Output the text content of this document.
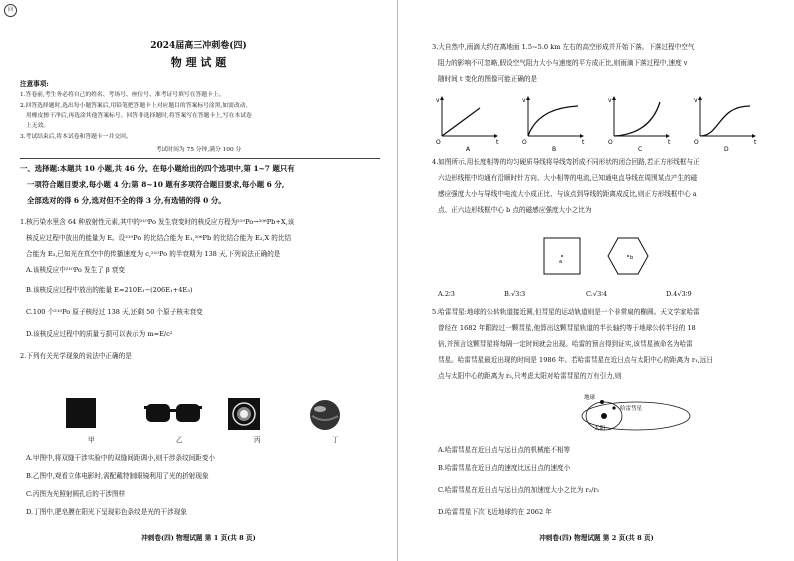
回
2024届高三冲刺卷(四)
物 理 试 题
注意事项:
1.答卷前,考生务必将自己的姓名、考场号、座位号、准考证号填写在答题卡上。
2.回答选择题时,选出每小题答案后,用铅笔把答题卡上对应题目的答案标号涂黑,如需改动,
用橡皮擦干净后,再选涂其他答案标号。回答非选择题时,将答案写在答题卡上,写在本试卷
上无效。
3.考试结束后,将本试卷和答题卡一并交回。
考试时间为 75 分钟,满分 100 分
一、选择题:本题共 10 小题,共 46 分。在每小题给出的四个选项中,第 1~7 题只有
一项符合题目要求,每小题 4 分;第 8~10 题有多项符合题目要求,每小题 6 分,
全部选对的得 6 分,选对但不全的得 3 分,有选错的得 0 分。
1.核污染水里含 64 种放射性元素,其中的²¹⁰Po 发生衰变时的核反应方程为²¹⁰Po→²⁰⁶Pb+X,该
核反应过程中放出的能量为 E。设²¹⁰Po 的比结合能为 E₁,²⁰⁶Pb 的比结合能为 E₂,X 的比结
合能为 E₃,已知光在真空中的传播速度为 c,²¹⁰Po 的半衰期为 138 天,下列说法正确的是
A.该核反应中²¹⁰Po 发生了 β 衰变
B.该核反应过程中放出的能量 E=210E₁−(206E₁+4E₃)
C.100 个²¹⁰Po 原子核经过 138 天,还剩 50 个原子核未衰变
D.该核反应过程中的质量亏损可以表示为 m=E/c²
2.下列有关光学现象的说法中正确的是
甲	乙	丙	丁
A.甲图中,将双缝干涉实验中的双缝间距调小,则干涉条纹间距变小
B.乙图中,观看立体电影时,需配戴特制眼镜利用了光的折射现象
C.丙图为光照射圆孔后的干涉图样
D.丁图中,肥皂膜在阳光下呈现彩色条纹是光的干涉现象
冲刺卷(四) 物理试题 第 1 页(共 8 页)
3.大自然中,雨滴大约在离地面 1.5~5.0 km 左右的高空形成并开始下落。下落过程中空气
阻力的影响不可忽略,假设空气阻力大小与速度的平方成正比,则雨滴下落过程中,速度 v
随时间 t 变化的图像可能正确的是
v
t
O
A
v
t
O
B
v
t
O
C
v
t
O
D
4.如图所示,用长度相等的均匀硬质导线将导线弯折成不同形状的闭合回路,若正方形线框与正
六边形线框中均通有沿顺时针方向、大小相等的电流,已知通电直导线在周围某点产生的磁
感应强度大小与导线中电流大小成正比、与该点到导线的距离成反比,则正方形线框中心 a
点、正六边形线框中心 b 点的磁感应强度大小之比为
a
b
A.2∶3	B.√3∶3	C.√3∶4	D.4√3∶9
5.哈雷彗星:地球的公转轨道接近圆,但彗星的运动轨道则是一个非常扁的椭圆。天文学家哈雷
曾经在 1682 年跟踪过一颗彗星,他算出这颗彗星轨道的半长轴约等于地球公转半径的 18
倍,并预言这颗彗星将每隔一定时间就会出现。哈雷的预言得到证实,该彗星被命名为哈雷
彗星。哈雷彗星最近出现的时间是 1986 年。若哈雷彗星在近日点与太阳中心的距离为 r₁,远日
点与太阳中心的距离为 r₂,只考虑太阳对哈雷彗星的万有引力,则
地球
哈雷彗星
太阳
A.哈雷彗星在近日点与远日点的机械能不相等
B.哈雷彗星在近日点的速度比远日点的速度小
C.哈雷彗星在近日点与远日点的加速度大小之比为 r₂/r₁
D.哈雷彗星下次飞近地球约在 2062 年
冲刺卷(四) 物理试题 第 2 页(共 8 页)
